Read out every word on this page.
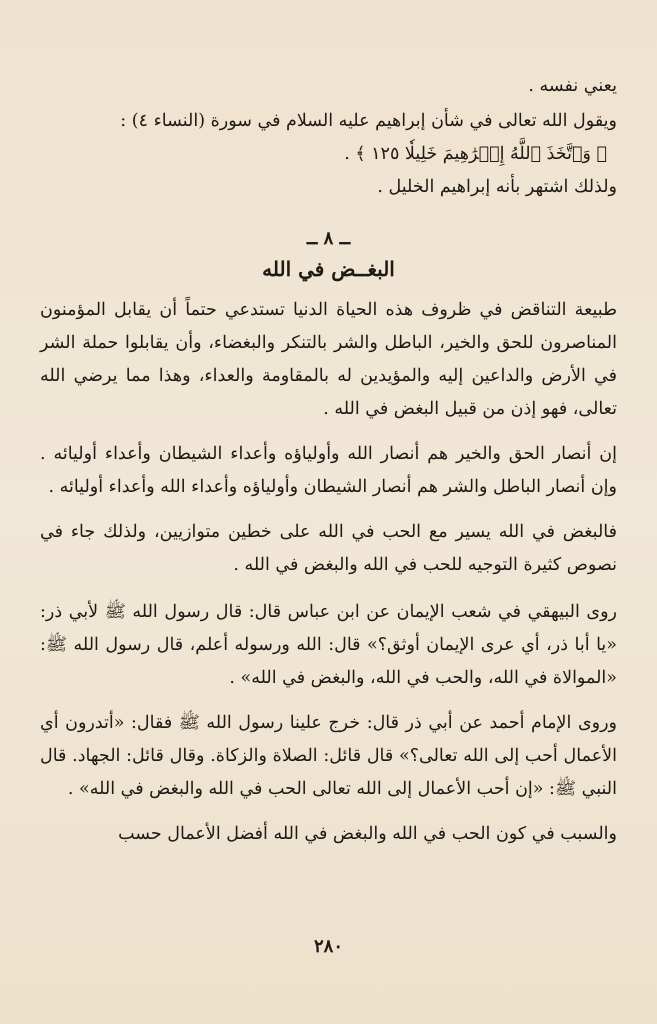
يعني نفسه .

ويقول الله تعالى في شأن إبراهيم عليه السلام في سورة (النساء ٤) :

﴿ وَٱتَّخَذَ ٱللَّهُ إِبۡرَٰهِيمَ خَلِيلٗا ١٢٥ ﴾ .

ولذلك اشتهر بأنه إبراهيم الخليل .

ــ ٨ ــ
البغــض في الله

طبيعة التناقض في ظروف هذه الحياة الدنيا تستدعي حتماً أن يقابل المؤمنون المناصرون للحق والخير، الباطل والشر بالتنكر والبغضاء، وأن يقابلوا حملة الشر في الأرض والداعين إليه والمؤيدين له بالمقاومة والعداء، وهذا مما يرضي الله تعالى، فهو إذن من قبيل البغض في الله .

إن أنصار الحق والخير هم أنصار الله وأولياؤه وأعداء الشيطان وأعداء أوليائه . وإن أنصار الباطل والشر هم أنصار الشيطان وأولياؤه وأعداء الله وأعداء أوليائه .

فالبغض في الله يسير مع الحب في الله على خطين متوازيين، ولذلك جاء في نصوص كثيرة التوجيه للحب في الله والبغض في الله .

روى البيهقي في شعب الإيمان عن ابن عباس قال: قال رسول الله ﷺ لأبي ذر: «يا أبا ذر، أي عرى الإيمان أوثق؟» قال: الله ورسوله أعلم، قال رسول الله ﷺ: «الموالاة في الله، والحب في الله، والبغض في الله» .

وروى الإمام أحمد عن أبي ذر قال: خرج علينا رسول الله ﷺ فقال: «أتدرون أي الأعمال أحب إلى الله تعالى؟» قال قائل: الصلاة والزكاة. وقال قائل: الجهاد. قال النبي ﷺ: «إن أحب الأعمال إلى الله تعالى الحب في الله والبغض في الله» .

والسبب في كون الحب في الله والبغض في الله أفضل الأعمال حسب

٢٨٠
